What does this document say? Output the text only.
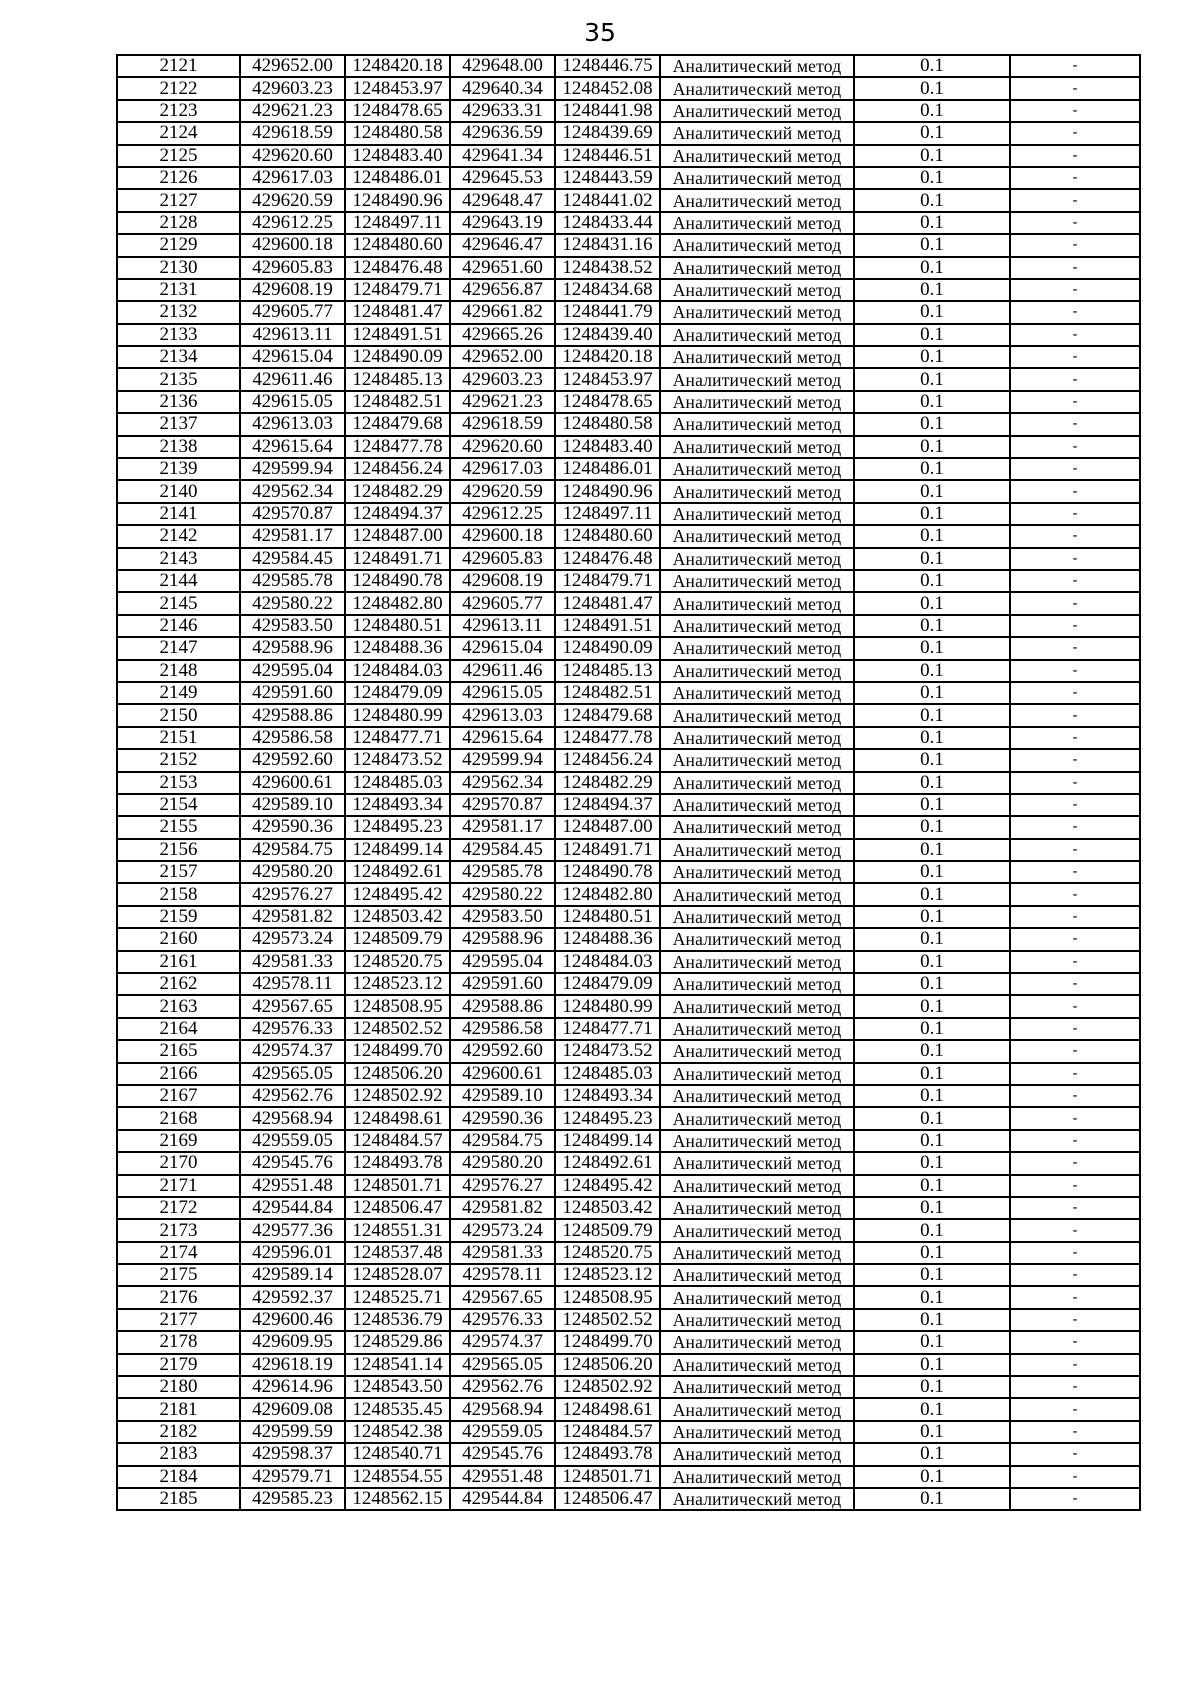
35
2121	429652.00	1248420.18	429648.00	1248446.75	Аналитический метод	0.1	-
2122	429603.23	1248453.97	429640.34	1248452.08	Аналитический метод	0.1	-
2123	429621.23	1248478.65	429633.31	1248441.98	Аналитический метод	0.1	-
2124	429618.59	1248480.58	429636.59	1248439.69	Аналитический метод	0.1	-
2125	429620.60	1248483.40	429641.34	1248446.51	Аналитический метод	0.1	-
2126	429617.03	1248486.01	429645.53	1248443.59	Аналитический метод	0.1	-
2127	429620.59	1248490.96	429648.47	1248441.02	Аналитический метод	0.1	-
2128	429612.25	1248497.11	429643.19	1248433.44	Аналитический метод	0.1	-
2129	429600.18	1248480.60	429646.47	1248431.16	Аналитический метод	0.1	-
2130	429605.83	1248476.48	429651.60	1248438.52	Аналитический метод	0.1	-
2131	429608.19	1248479.71	429656.87	1248434.68	Аналитический метод	0.1	-
2132	429605.77	1248481.47	429661.82	1248441.79	Аналитический метод	0.1	-
2133	429613.11	1248491.51	429665.26	1248439.40	Аналитический метод	0.1	-
2134	429615.04	1248490.09	429652.00	1248420.18	Аналитический метод	0.1	-
2135	429611.46	1248485.13	429603.23	1248453.97	Аналитический метод	0.1	-
2136	429615.05	1248482.51	429621.23	1248478.65	Аналитический метод	0.1	-
2137	429613.03	1248479.68	429618.59	1248480.58	Аналитический метод	0.1	-
2138	429615.64	1248477.78	429620.60	1248483.40	Аналитический метод	0.1	-
2139	429599.94	1248456.24	429617.03	1248486.01	Аналитический метод	0.1	-
2140	429562.34	1248482.29	429620.59	1248490.96	Аналитический метод	0.1	-
2141	429570.87	1248494.37	429612.25	1248497.11	Аналитический метод	0.1	-
2142	429581.17	1248487.00	429600.18	1248480.60	Аналитический метод	0.1	-
2143	429584.45	1248491.71	429605.83	1248476.48	Аналитический метод	0.1	-
2144	429585.78	1248490.78	429608.19	1248479.71	Аналитический метод	0.1	-
2145	429580.22	1248482.80	429605.77	1248481.47	Аналитический метод	0.1	-
2146	429583.50	1248480.51	429613.11	1248491.51	Аналитический метод	0.1	-
2147	429588.96	1248488.36	429615.04	1248490.09	Аналитический метод	0.1	-
2148	429595.04	1248484.03	429611.46	1248485.13	Аналитический метод	0.1	-
2149	429591.60	1248479.09	429615.05	1248482.51	Аналитический метод	0.1	-
2150	429588.86	1248480.99	429613.03	1248479.68	Аналитический метод	0.1	-
2151	429586.58	1248477.71	429615.64	1248477.78	Аналитический метод	0.1	-
2152	429592.60	1248473.52	429599.94	1248456.24	Аналитический метод	0.1	-
2153	429600.61	1248485.03	429562.34	1248482.29	Аналитический метод	0.1	-
2154	429589.10	1248493.34	429570.87	1248494.37	Аналитический метод	0.1	-
2155	429590.36	1248495.23	429581.17	1248487.00	Аналитический метод	0.1	-
2156	429584.75	1248499.14	429584.45	1248491.71	Аналитический метод	0.1	-
2157	429580.20	1248492.61	429585.78	1248490.78	Аналитический метод	0.1	-
2158	429576.27	1248495.42	429580.22	1248482.80	Аналитический метод	0.1	-
2159	429581.82	1248503.42	429583.50	1248480.51	Аналитический метод	0.1	-
2160	429573.24	1248509.79	429588.96	1248488.36	Аналитический метод	0.1	-
2161	429581.33	1248520.75	429595.04	1248484.03	Аналитический метод	0.1	-
2162	429578.11	1248523.12	429591.60	1248479.09	Аналитический метод	0.1	-
2163	429567.65	1248508.95	429588.86	1248480.99	Аналитический метод	0.1	-
2164	429576.33	1248502.52	429586.58	1248477.71	Аналитический метод	0.1	-
2165	429574.37	1248499.70	429592.60	1248473.52	Аналитический метод	0.1	-
2166	429565.05	1248506.20	429600.61	1248485.03	Аналитический метод	0.1	-
2167	429562.76	1248502.92	429589.10	1248493.34	Аналитический метод	0.1	-
2168	429568.94	1248498.61	429590.36	1248495.23	Аналитический метод	0.1	-
2169	429559.05	1248484.57	429584.75	1248499.14	Аналитический метод	0.1	-
2170	429545.76	1248493.78	429580.20	1248492.61	Аналитический метод	0.1	-
2171	429551.48	1248501.71	429576.27	1248495.42	Аналитический метод	0.1	-
2172	429544.84	1248506.47	429581.82	1248503.42	Аналитический метод	0.1	-
2173	429577.36	1248551.31	429573.24	1248509.79	Аналитический метод	0.1	-
2174	429596.01	1248537.48	429581.33	1248520.75	Аналитический метод	0.1	-
2175	429589.14	1248528.07	429578.11	1248523.12	Аналитический метод	0.1	-
2176	429592.37	1248525.71	429567.65	1248508.95	Аналитический метод	0.1	-
2177	429600.46	1248536.79	429576.33	1248502.52	Аналитический метод	0.1	-
2178	429609.95	1248529.86	429574.37	1248499.70	Аналитический метод	0.1	-
2179	429618.19	1248541.14	429565.05	1248506.20	Аналитический метод	0.1	-
2180	429614.96	1248543.50	429562.76	1248502.92	Аналитический метод	0.1	-
2181	429609.08	1248535.45	429568.94	1248498.61	Аналитический метод	0.1	-
2182	429599.59	1248542.38	429559.05	1248484.57	Аналитический метод	0.1	-
2183	429598.37	1248540.71	429545.76	1248493.78	Аналитический метод	0.1	-
2184	429579.71	1248554.55	429551.48	1248501.71	Аналитический метод	0.1	-
2185	429585.23	1248562.15	429544.84	1248506.47	Аналитический метод	0.1	-
